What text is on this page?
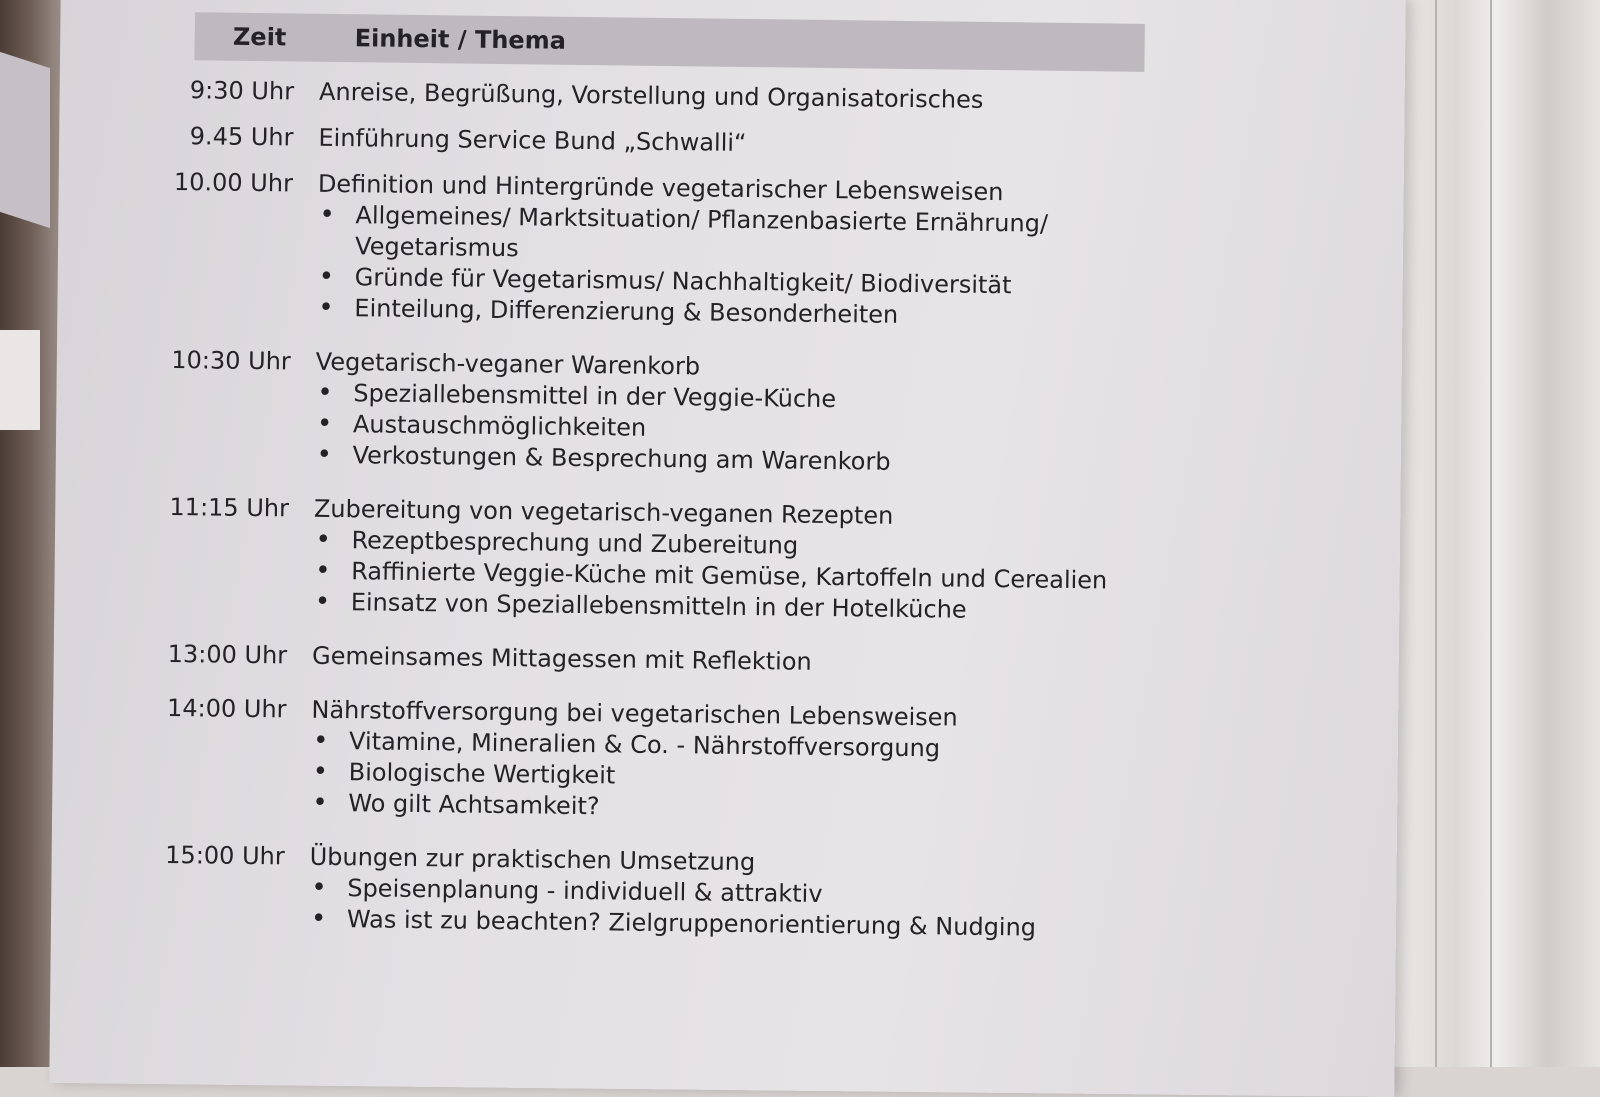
Zeit	Einheit / Thema
9:30 Uhr	Anreise, Begrüßung, Vorstellung und Organisatorisches
9.45 Uhr	Einführung Service Bund „Schwalli“
10.00 Uhr	Definition und Hintergründe vegetarischer Lebensweisen
• Allgemeines/ Marktsituation/ Pflanzenbasierte Ernährung/ Vegetarismus
• Gründe für Vegetarismus/ Nachhaltigkeit/ Biodiversität
• Einteilung, Differenzierung & Besonderheiten
10:30 Uhr	Vegetarisch-veganer Warenkorb
• Speziallebensmittel in der Veggie-Küche
• Austauschmöglichkeiten
• Verkostungen & Besprechung am Warenkorb
11:15 Uhr	Zubereitung von vegetarisch-veganen Rezepten
• Rezeptbesprechung und Zubereitung
• Raffinierte Veggie-Küche mit Gemüse, Kartoffeln und Cerealien
• Einsatz von Speziallebensmitteln in der Hotelküche
13:00 Uhr	Gemeinsames Mittagessen mit Reflektion
14:00 Uhr	Nährstoffversorgung bei vegetarischen Lebensweisen
• Vitamine, Mineralien & Co. - Nährstoffversorgung
• Biologische Wertigkeit
• Wo gilt Achtsamkeit?
15:00 Uhr	Übungen zur praktischen Umsetzung
• Speisenplanung - individuell & attraktiv
• Was ist zu beachten? Zielgruppenorientierung & Nudging
